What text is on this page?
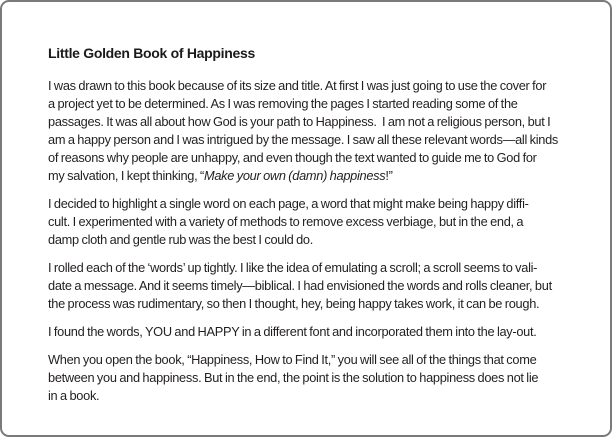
Little Golden Book of Happiness

I was drawn to this book because of its size and title. At first I was just going to use the cover for
a project yet to be determined. As I was removing the pages I started reading some of the
passages. It was all about how God is your path to Happiness.  I am not a religious person, but I
am a happy person and I was intrigued by the message. I saw all these relevant words—all kinds
of reasons why people are unhappy, and even though the text wanted to guide me to God for
my salvation, I kept thinking, “Make your own (damn) happiness!”

I decided to highlight a single word on each page, a word that might make being happy diffi-
cult. I experimented with a variety of methods to remove excess verbiage, but in the end, a
damp cloth and gentle rub was the best I could do.

I rolled each of the ‘words’ up tightly. I like the idea of emulating a scroll; a scroll seems to vali-
date a message. And it seems timely—biblical. I had envisioned the words and rolls cleaner, but
the process was rudimentary, so then I thought, hey, being happy takes work, it can be rough.

I found the words, YOU and HAPPY in a different font and incorporated them into the lay-out.

When you open the book, “Happiness, How to Find It,” you will see all of the things that come
between you and happiness. But in the end, the point is the solution to happiness does not lie
in a book.
